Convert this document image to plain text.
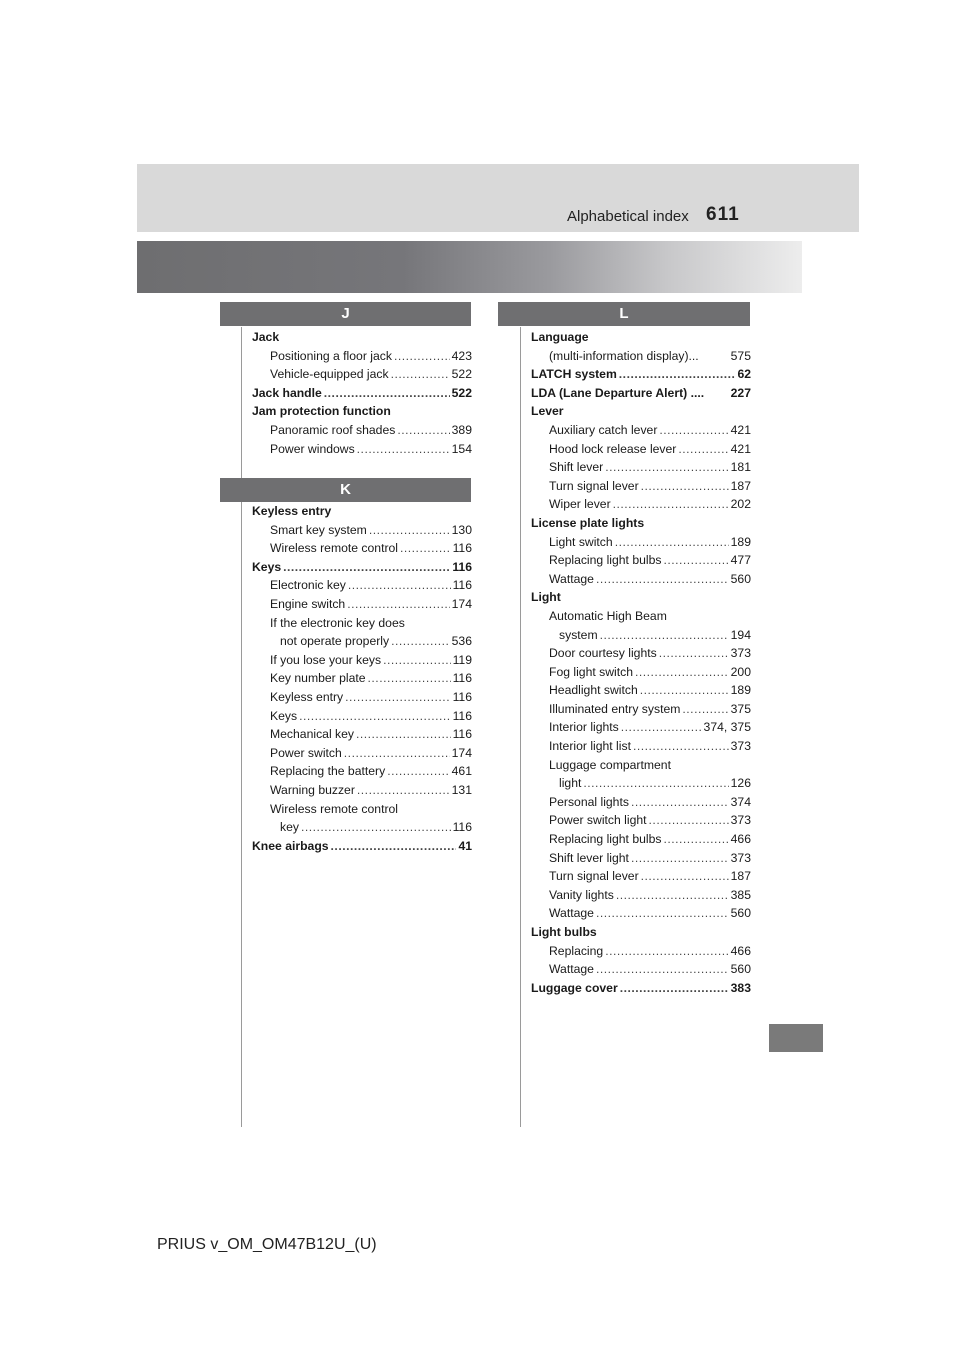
Alphabetical index 611
J
Jack
Positioning a floor jack .....	423
Vehicle-equipped jack .....	522
Jack handle .....	522
Jam protection function
Panoramic roof shades .....	389
Power windows .....	154
K
Keyless entry
Smart key system .....	130
Wireless remote control .....	116
Keys .....	116
Electronic key .....	116
Engine switch .....	174
If the electronic key does
not operate properly .....	536
If you lose your keys .....	119
Key number plate .....	116
Keyless entry .....	116
Keys .....	116
Mechanical key .....	116
Power switch .....	174
Replacing the battery .....	461
Warning buzzer .....	131
Wireless remote control
key .....	116
Knee airbags .....	41
L
Language
(multi-information display)...	575
LATCH system .....	62
LDA (Lane Departure Alert) .... 227
Lever
Auxiliary catch lever .....	421
Hood lock release lever .....	421
Shift lever .....	181
Turn signal lever .....	187
Wiper lever .....	202
License plate lights
Light switch .....	189
Replacing light bulbs .....	477
Wattage .....	560
Light
Automatic High Beam
system .....	194
Door courtesy lights .....	373
Fog light switch .....	200
Headlight switch .....	189
Illuminated entry system .....	375
Interior lights .....	374, 375
Interior light list .....	373
Luggage compartment
light .....	126
Personal lights .....	374
Power switch light .....	373
Replacing light bulbs .....	466
Shift lever light .....	373
Turn signal lever .....	187
Vanity lights .....	385
Wattage .....	560
Light bulbs
Replacing .....	466
Wattage .....	560
Luggage cover .....	383
PRIUS v_OM_OM47B12U_(U)
